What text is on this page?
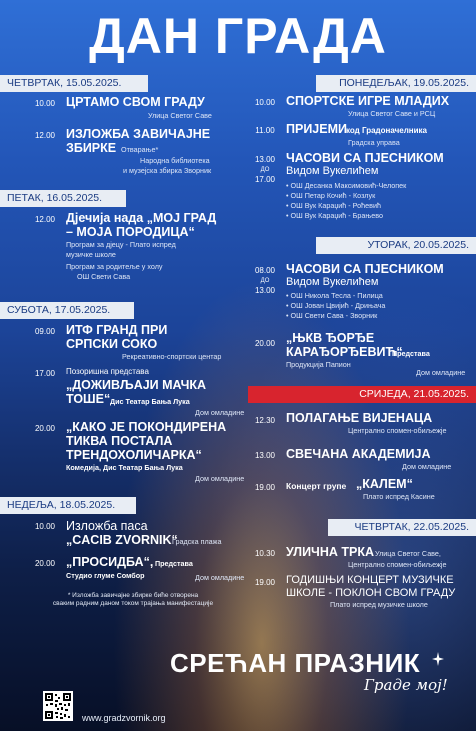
ДАН ГРАДА
ЧЕТВРТАК, 15.05.2025.
10.00 ЦРТАМО СВОМ ГРАДУ
Улица Светог Саве
12.00 ИЗЛОЖБА ЗАВИЧАЈНЕ
ЗБИРКЕ Отварање*
Народна библиотека
и музејска збирка Зворник
ПЕТАК, 16.05.2025.
12.00 Дјечија нада „МОЈ ГРАД
– МОЈА ПОРОДИЦА“
Програм за дјецу - Плато испред
музичке школе
Програм за родитеље у холу
ОШ Свети Сава
СУБОТА, 17.05.2025.
09.00 ИТФ ГРАНД ПРИ
СРПСКИ СОКО
Рекреативно-спортски центар
17.00	Позоришна представа
„ДОЖИВЉАЈИ МАЧКА
ТОШЕ“ Дис Театар Бања Лука
Дом омладине
20.00 „КАКО ЈЕ ПОКОНДИРЕНА
ТИКВА ПОСТАЛА
ТРЕНДОХОЛИЧАРКА“
Комедија, Дис Театар Бања Лука
Дом омладине
НЕДЕЉА, 18.05.2025.
10.00 Изложба паса
„CACIB ZVORNIK“
Градска плажа
20.00 „ПРОСИДБА“, Представа
Студио глуме Сомбор	Дом омладине
* Изложба завичајне збирке биће отворена
сваким радним даном током трајања манифестације
ПОНЕДЕЉАК, 19.05.2025.
10.00 СПОРТСКЕ ИГРЕ МЛАДИХ
Улица Светог Саве и РСЦ
11.00 ПРИЈЕМИ код Градоначелника
Градска управа
13.00
ДО
17.00
ЧАСОВИ СА ПЈЕСНИКОМ
Видом Вукелићем
• ОШ Десанка Максимовић-Челопек
• ОШ Петар Кочић - Козлук
• ОШ Вук Караџић - Роћевић
• ОШ Вук Караџић - Брањево
УТОРАК, 20.05.2025.
08.00
ДО
13.00
ЧАСОВИ СА ПЈЕСНИКОМ
Видом Вукелићем
• ОШ Никола Тесла - Пилица
• ОШ Јован Цвијић - Дрињача
• ОШ Свети Сава - Зворник
20.00 „ЊКВ ЂОРЂЕ
КАРАЂОРЂЕВИЋ“
Представа
Продукција Папион
Дом омладине
СРИЈЕДА, 21.05.2025.
12.30 ПОЛАГАЊЕ ВИЈЕНАЦА
Централно спомен-обиљежје
13.00 СВЕЧАНА АКАДЕМИЈА
Дом омладине
19.00	Концерт групе „КАЛЕМ“
Плато испред Касине
ЧЕТВРТАК, 22.05.2025.
10.30 УЛИЧНА ТРКА Улица Светог Саве,
Централно спомен-обиљежје
19.00 ГОДИШЊИ КОНЦЕРТ МУЗИЧКЕ
ШКОЛЕ - ПОКЛОН СВОМ ГРАДУ
Плато испред музичке школе
СРЕЋАН ПРАЗНИК
Граде мој!
www.gradzvornik.org
